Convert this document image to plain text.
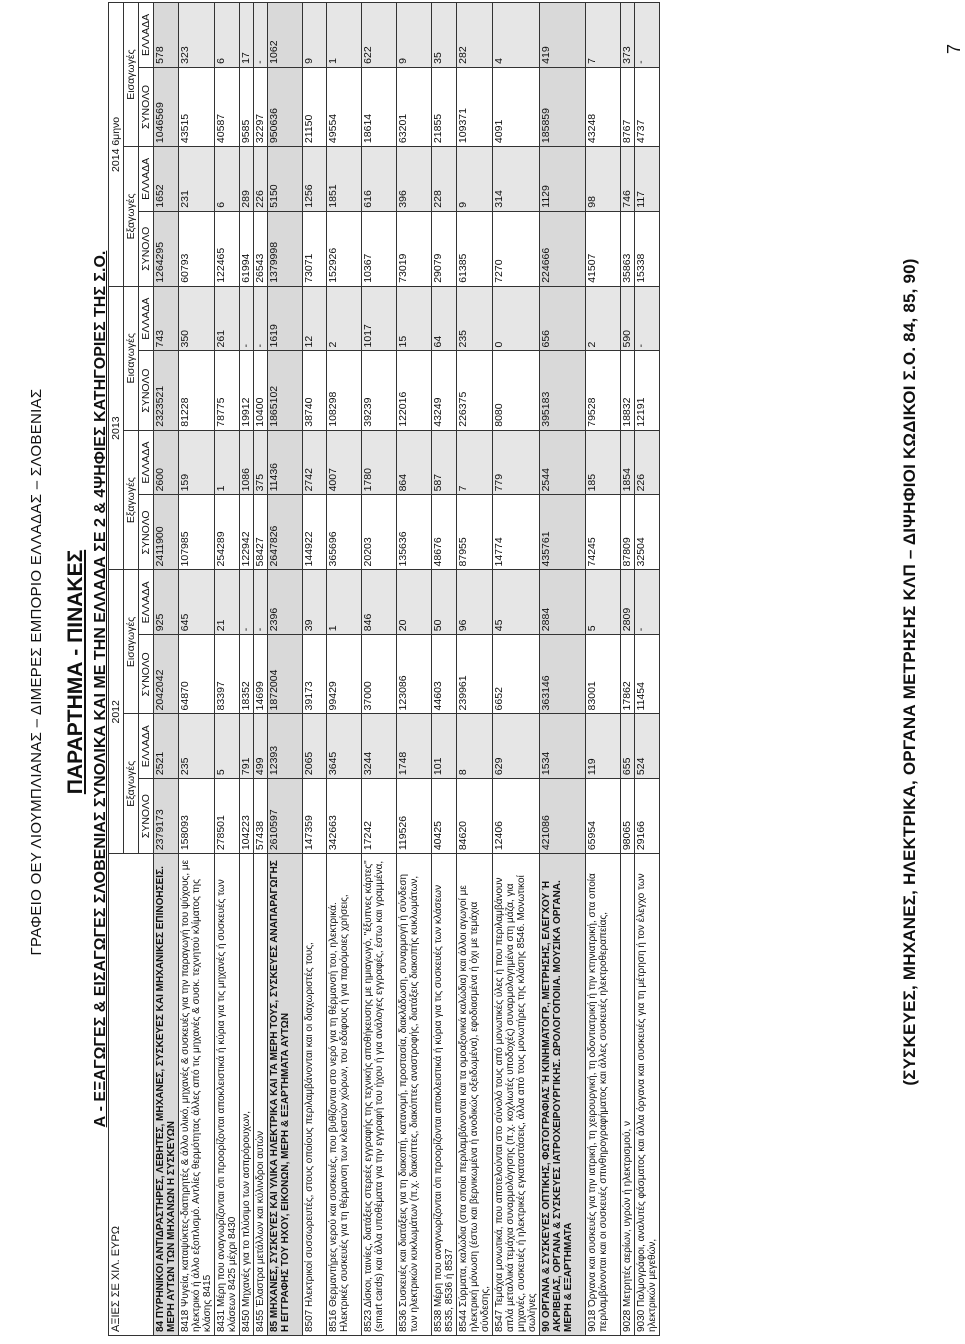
ΓΡΑΦΕΙΟ ΟΕΥ ΛΙΟΥΜΠΛΙΑΝΑΣ – ΔΙΜΕΡΕΣ ΕΜΠΟΡΙΟ ΕΛΛΑΔΑΣ – ΣΛΟΒΕΝΙΑΣ ΠΑΡΑΡΤΗΜΑ - ΠΙΝΑΚΕΣ Α - ΕΞΑΓΩΓΕΣ & ΕΙΣΑΓΩΓΕΣ ΣΛΟΒΕΝΙΑΣ ΣΥΝΟΛΙΚΑ ΚΑΙ ΜΕ ΤΗΝ ΕΛΛΑΔΑ ΣΕ 2 & 4ΨΗΦΙΕΣ ΚΑΤΗΓΟΡΙΕΣ ΤΗΣ Σ.Ο.
ΑΞΙΕΣ ΣΕ ΧΙΛ. ΕΥΡΩ	2012				2013				2014 6μηνο			
	Εξαγωγές		Εισαγωγές		Εξαγωγές		Εισαγωγές		Εξαγωγές		Εισαγωγές	
	ΣΥΝΟΛΟ	ΕΛΛΑΔΑ	ΣΥΝΟΛΟ	ΕΛΛΑΔΑ	ΣΥΝΟΛΟ	ΕΛΛΑΔΑ	ΣΥΝΟΛΟ	ΕΛΛΑΔΑ	ΣΥΝΟΛΟ	ΕΛΛΑΔΑ	ΣΥΝΟΛΟ	ΕΛΛΑΔΑ
84 ΠΥΡΗΝΙΚΟΙ ΑΝΤΙΔΡΑΣΤΗΡΕΣ, ΛΕΒΗΤΕΣ, ΜΗΧΑΝΕΣ, ΣΥΣΚΕΥΕΣ ΚΑΙ ΜΗΧΑΝΙΚΕΣ ΕΠΙΝΟΗΣΕΙΣ. ΜΕΡΗ ΑΥΤΩΝ ΤΩΝ ΜΗΧΑΝΩΝ Η ΣΥΣΚΕΥΩΝ	2379173	2521	2042042	925	2411900	2600	2323521	743	1264295	1652	1046569	578
8418 Ψυγεία, καταψύκτες-διατηρητές & άλλο υλικό, μηχανές & συσκευές για την παραγωγή του ψύχους, με ηλεκτρικό ή άλλο εξοπλισμό. Αντλίες θερμότητας άλλες από τις μηχανές & συσκ. τεχνητού κλίματος της κλάσης 8415	158093	235	64870	645	107985	159	81228	350	60793	231	43515	323
8431 Μέρη που αναγνωρίζονται ότι προορίζονται αποκλειστικά ή κύρια για τις μηχανές ή συσκευές των κλάσεων 8425 μέχρι 8430	278501	5	83397	21	254289	1	78775	261	122465	6	40587	6
8450 Μηχανές για το πλύσιμο των ασπρόρουχων,	104223	791	18352	-	122942	1086	19912	-	61994	289	9585	17
8455 Έλαστρα μετάλλων και κύλινδροι αυτών	57438	499	14699	-	58427	375	10400	-	26543	226	32297	-
85 ΜΗΧΑΝΕΣ, ΣΥΣΚΕΥΕΣ ΚΑΙ ΥΛΙΚΑ ΗΛΕΚΤΡΙΚΑ ΚΑΙ ΤΑ ΜΕΡΗ ΤΟΥΣ, ΣΥΣΚΕΥΕΣ ΑΝΑΠΑΡΑΓΩΓΗΣ Η ΕΓΓΡΑΦΗΣ ΤΟΥ ΗΧΟΥ, ΕΙΚΟΝΩΝ, ΜΕΡΗ & ΕΞΑΡΤΗΜΑΤΑ ΑΥΤΩΝ	2610597	12393	1872004	2396	2647826	11436	1865102	1619	1379998	5150	950636	1062
8507 Ηλεκτρικοί συσσωρευτές, στους οποίους περιλαμβάνονται και οι διαχωριστές τους,	147359	2065	39173	39	144922	2742	38740	12	73071	1256	21150	9
8516 Θερμαντήρες νερού και συσκευές, που βυθίζονται στο νερό για τη θέρμανσή του, ηλεκτρικά. Ηλεκτρικές συσκευές για τη θέρμανση των κλειστών χώρων, του εδάφους ή για παρόμοιες χρήσεις,	342663	3645	99429	1	365696	4007	108298	2	152926	1851	49554	1
8523 Δίσκοι, ταινίες, διατάξεις στερεές εγγραφής της τεχνικής αποθήκευσης με ημιαγωγό, "έξυπνες κάρτες" (smart cards) και άλλα υποθέματα για την εγγραφή του ήχου ή για ανάλογες εγγραφές, έστω και γραμμένα,	17242	3244	37000	846	20203	1780	39239	1017	10367	616	18614	622
8536 Συσκευές και διατάξεις για τη διακοπή, κατανομή, προστασία, διακλάδωση, συναρμογή ή σύνδεση των ηλεκτρικών κυκλωμάτων (π.χ. διακόπτες, διακόπτες αναστροφής, διατάξεις διακοπής κυκλωμάτων,	119526	1748	123086	20	135636	864	122016	15	73019	396	63201	9
8538 Μέρη που αναγνωρίζονται ότι προορίζονται αποκλειστικά ή κύρια για τις συσκευές των κλάσεων 8535, 8536 ή 8537	40425	101	44603	50	48676	587	43249	64	29079	228	21855	35
8544 Σύρματα, καλώδια (στα οποία περιλαμβάνονται και τα ομοαξονικά καλώδια) και άλλοι αγωγοί με ηλεκτρική μόνωση (έστω και βερνικωμένα ή ανοδικώς οξειδωμένα), εφοδιασμένα ή όχι με τεμάχια σύνδεσης,	84620	8	239961	96	87955	7	226375	235	61385	9	109371	282
8547 Τεμάχια μονωτικά, που αποτελούνται στο σύνολό τους από μονωτικές ύλες ή που περιλαμβάνουν απλά μεταλλικά τεμάχια συναρμολόγησης (π.χ. κοχλιωτές υποδοχές) συναρμολογημένα στη μάζα, για μηχανές, συσκευές ή ηλεκτρικές εγκαταστάσεις, άλλα από τους μονωτήρες της κλάσης 8546. Μονωτικοί σωλήνες	12406	629	6652	45	14774	779	8080	0	7270	314	4091	4
90 ΟΡΓΑΝΑ & ΣΥΣΚΕΥΕΣ ΟΠΤΙΚΗΣ, ΦΩΤΟΓΡΑΦΙΑΣ Ή ΚΙΝΗΜΑΤΟΓΡ., ΜΕΤΡΗΣΗΣ, ΕΛΕΓΧΟΥ Ή ΑΚΡΙΒΕΙΑΣ, ΟΡΓΑΝΑ & ΣΥΣΚΕΥΕΣ ΙΑΤΡΟΧΕΙΡΟΥΡΓΙΚΗΣ. ΩΡΟΛΟΓΟΠΟΙΙΑ. ΜΟΥΣΙΚΑ ΟΡΓΑΝΑ. ΜΕΡΗ & ΕΞΑΡΤΗΜΑΤΑ	421086	1534	363146	2884	435761	2544	395183	656	224666	1129	185859	419
9018 Όργανα και συσκευές για την ιατρική, τη χειρουργική, τη οδοντιατρική ή την κτηνιατρική, στα οποία περιλαμβάνονται και οι συσκευές σπινθηρογραφήματος και άλλες συσκευές ηλεκτροθεραπείας,	65954	119	83001	5	74245	185	79528	2	41507	98	43248	7
9028 Μετρητές αερίων, υγρών ή ηλεκτρισμού, ν	98065	655	17862	2809	87809	1854	18832	590	35863	746	8767	373
9030 Παλμογράφοι, αναλυτές φάσματος και άλλα όργανα και συσκευές για τη μέτρηση ή τον έλεγχο των ηλεκτρικών μεγεθών,	29166	524	11454	-	32504	226	12191	-	15338	117	4737	-
(ΣΥΣΚΕΥΕΣ, ΜΗΧΑΝΕΣ, ΗΛΕΚΤΡΙΚΑ, ΟΡΓΑΝΑ ΜΕΤΡΗΣΗΣ ΚΛΠ – ΔΙΨΗΦΙΟΙ ΚΩΔΙΚΟΙ Σ.Ο. 84, 85, 90)
7
